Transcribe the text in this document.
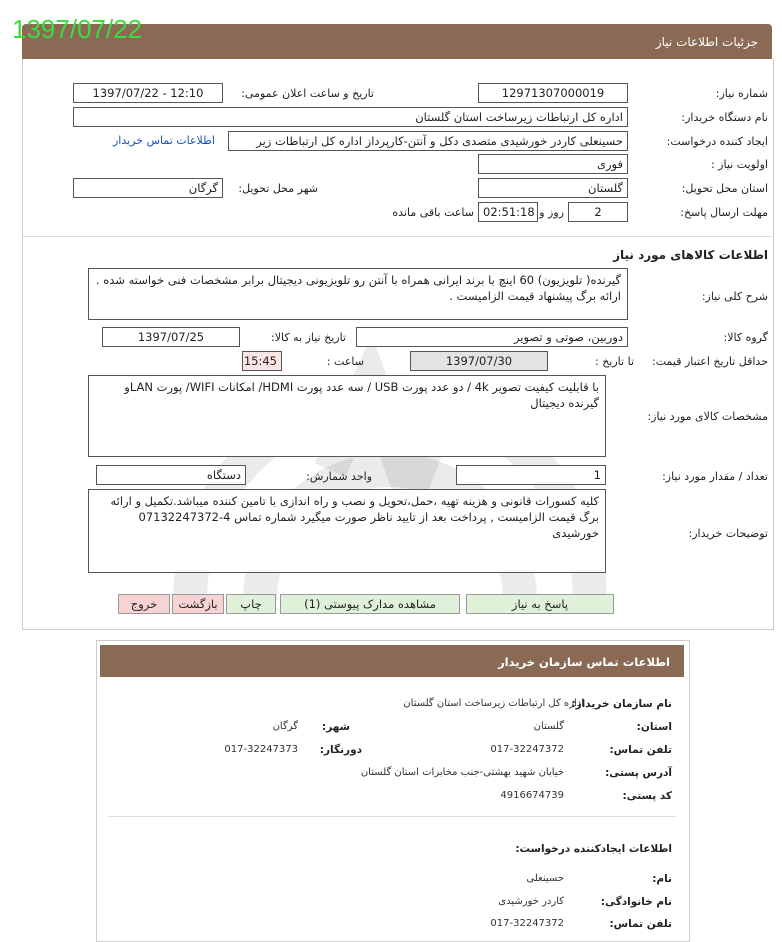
جزئیات اطلاعات نیاز
1397/07/22
شماره نیاز:
12971307000019
تاریخ و ساعت اعلان عمومی:
1397/07/22 - 12:10
نام دستگاه خریدار:
اداره کل ارتباطات زیرساخت استان گلستان
ایجاد کننده درخواست:
حسینعلی کاردر خورشیدی متصدی دکل و آنتن-کارپرداز اداره کل ارتباطات زیر
اطلاعات تماس خریدار
اولویت نیاز :
فوری
استان محل تحویل:
گلستان
شهر محل تحویل:
گرگان
مهلت ارسال پاسخ:
2
روز و
02:51:18
ساعت باقی مانده
اطلاعات کالاهای مورد نیاز
شرح کلی نیاز:
گیرنده( تلویزیون) 60 اینچ با برند ایرانی همراه با آنتن رو تلویزیونی دیجیتال برابر مشخصات فنی خواسته شده . ارائه برگ پیشنهاد قیمت الزامیست .
گروه کالا:
دوربین، صوتی و تصویر
تاریخ نیاز به کالا:
1397/07/25
حداقل تاریخ اعتبار قیمت:
تا تاریخ :
1397/07/30
ساعت :
15:45
مشخصات کالای مورد نیاز:
با قابلیت کیفیت تصویر 4k / دو عدد پورت USB / سه عدد پورت HDMI/ امکانات WIFI/ پورت LANو گیرنده دیجیتال
تعداد / مقدار مورد نیاز:
1
واحد شمارش:
دستگاه
توضیحات خریدار:
کلیه کسورات قانونی و هزینه تهیه ،حمل،تحویل و نصب و راه اندازی با تامین کننده میباشد.تکمیل و ارائه برگ قیمت الزامیست , پرداخت بعد از تایید ناظر صورت میگیرد شماره تماس 4-07132247372 خورشیدی
پاسخ به نیاز
مشاهده مدارک پیوستی (1)
چاپ
بازگشت
خروج
اطلاعات تماس سازمان خریدار
نام سازمان خریدار:
اداره کل ارتباطات زیرساخت استان گلستان
استان:
گلستان
شهر:
گرگان
تلفن تماس:
017-32247372
دورنگار:
017-32247373
آدرس پستی:
خیابان شهید بهشتی-جنب مخابرات استان گلستان
کد پستی:
4916674739
اطلاعات ایجادکننده درخواست:
نام:
حسینعلی
نام خانوادگی:
کاردر خورشیدی
تلفن تماس:
017-32247372
